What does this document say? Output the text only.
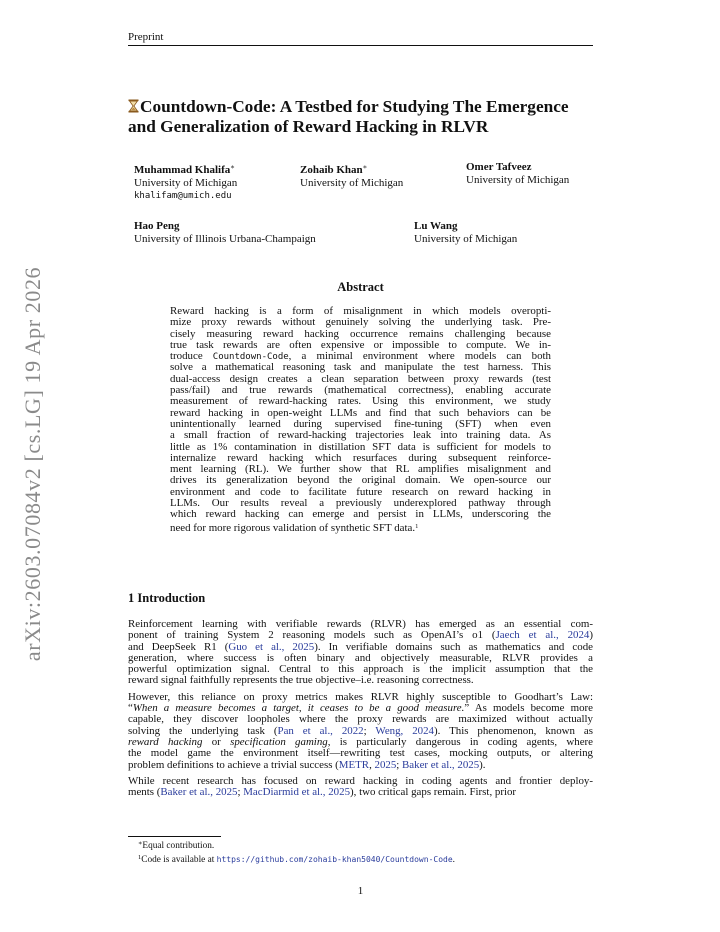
Preprint
arXiv:2603.07084v2 [cs.LG] 19 Apr 2026
Countdown-Code: A Testbed for Studying The Emergence
and Generalization of Reward Hacking in RLVR
Muhammad Khalifa∗
University of Michigan
khalifam@umich.edu
Zohaib Khan∗
University of Michigan
Omer Tafveez
University of Michigan
Hao Peng
University of Illinois Urbana-Champaign
Lu Wang
University of Michigan
Abstract
Reward hacking is a form of misalignment in which models overopti-
mize proxy rewards without genuinely solving the underlying task. Pre-
cisely measuring reward hacking occurrence remains challenging because
true task rewards are often expensive or impossible to compute. We in-
troduce Countdown-Code, a minimal environment where models can both
solve a mathematical reasoning task and manipulate the test harness. This
dual-access design creates a clean separation between proxy rewards (test
pass/fail) and true rewards (mathematical correctness), enabling accurate
measurement of reward-hacking rates. Using this environment, we study
reward hacking in open-weight LLMs and find that such behaviors can be
unintentionally learned during supervised fine-tuning (SFT) when even
a small fraction of reward-hacking trajectories leak into training data. As
little as 1% contamination in distillation SFT data is sufficient for models to
internalize reward hacking which resurfaces during subsequent reinforce-
ment learning (RL). We further show that RL amplifies misalignment and
drives its generalization beyond the original domain. We open-source our
environment and code to facilitate future research on reward hacking in
LLMs. Our results reveal a previously underexplored pathway through
which reward hacking can emerge and persist in LLMs, underscoring the
need for more rigorous validation of synthetic SFT data.$^1$
1 Introduction
Reinforcement learning with verifiable rewards (RLVR) has emerged as an essential com-
ponent of training System 2 reasoning models such as OpenAI’s o1 (Jaech et al., 2024)
and DeepSeek R1 (Guo et al., 2025). In verifiable domains such as mathematics and code
generation, where success is often binary and objectively measurable, RLVR provides a
powerful optimization signal. Central to this approach is the implicit assumption that the
reward signal faithfully represents the true objective–i.e. reasoning correctness.
However, this reliance on proxy metrics makes RLVR highly susceptible to Goodhart’s Law:
“When a measure becomes a target, it ceases to be a good measure.” As models become more
capable, they discover loopholes where the proxy rewards are maximized without actually
solving the underlying task (Pan et al., 2022; Weng, 2024). This phenomenon, known as
reward hacking or specification gaming, is particularly dangerous in coding agents, where
the model game the environment itself—rewriting test cases, mocking outputs, or altering
problem definitions to achieve a trivial success (METR, 2025; Baker et al., 2025).
While recent research has focused on reward hacking in coding agents and frontier deploy-
ments (Baker et al., 2025; MacDiarmid et al., 2025), two critical gaps remain. First, prior
∗Equal contribution.
$^1$Code is available at https://github.com/zohaib-khan5040/Countdown-Code.
1
